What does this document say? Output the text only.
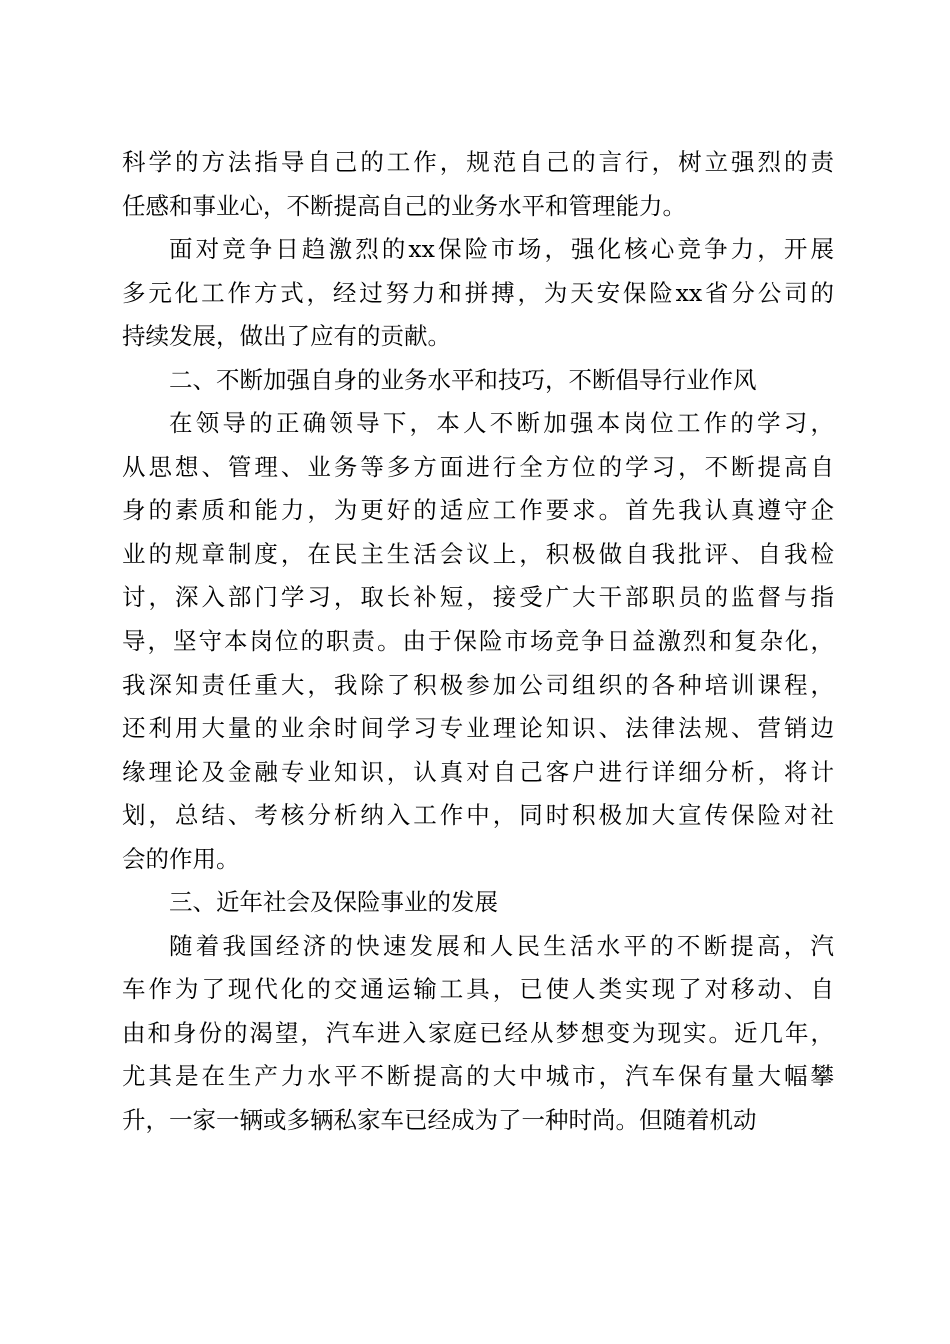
科学的方法指导自己的工作，规范自己的言行，树立强烈的责
任感和事业心，不断提高自己的业务水平和管理能力。
面对竞争日趋激烈的xx保险市场，强化核心竞争力，开展
多元化工作方式，经过努力和拼搏，为天安保险xx省分公司的
持续发展，做出了应有的贡献。
二、不断加强自身的业务水平和技巧，不断倡导行业作风
在领导的正确领导下，本人不断加强本岗位工作的学习，
从思想、管理、业务等多方面进行全方位的学习，不断提高自
身的素质和能力，为更好的适应工作要求。首先我认真遵守企
业的规章制度，在民主生活会议上，积极做自我批评、自我检
讨，深入部门学习，取长补短，接受广大干部职员的监督与指
导，坚守本岗位的职责。由于保险市场竞争日益激烈和复杂化，
我深知责任重大，我除了积极参加公司组织的各种培训课程，
还利用大量的业余时间学习专业理论知识、法律法规、营销边
缘理论及金融专业知识，认真对自己客户进行详细分析，将计
划，总结、考核分析纳入工作中，同时积极加大宣传保险对社
会的作用。
三、近年社会及保险事业的发展
随着我国经济的快速发展和人民生活水平的不断提高，汽
车作为了现代化的交通运输工具，已使人类实现了对移动、自
由和身份的渴望，汽车进入家庭已经从梦想变为现实。近几年，
尤其是在生产力水平不断提高的大中城市，汽车保有量大幅攀
升，一家一辆或多辆私家车已经成为了一种时尚。但随着机动
